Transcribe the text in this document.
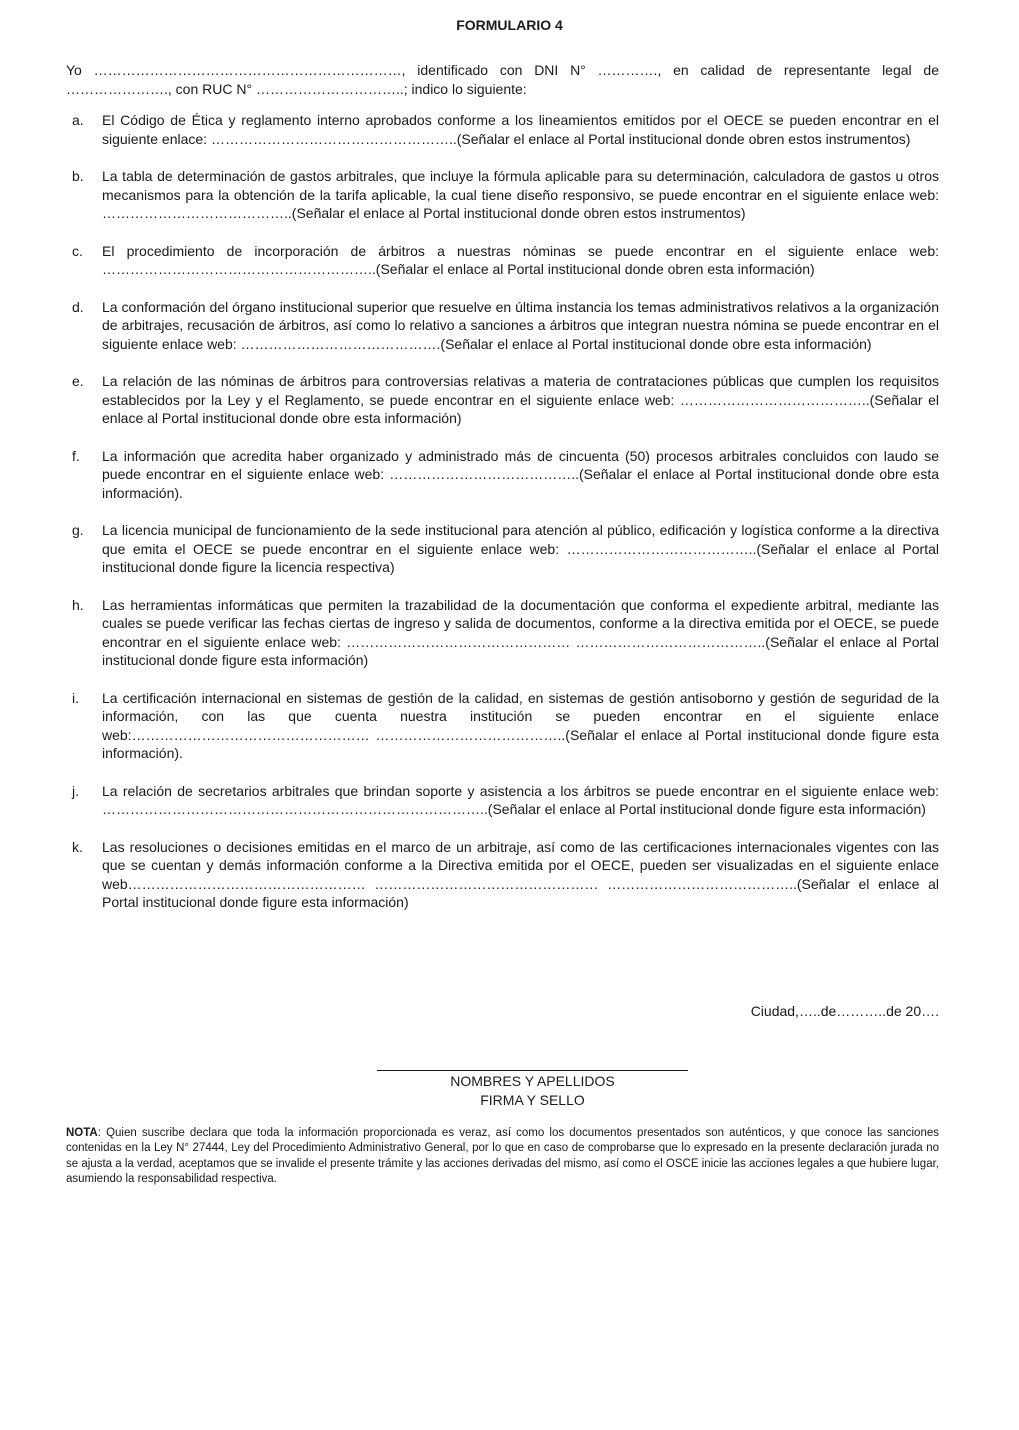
FORMULARIO 4

Yo …………………………………………………………, identificado con DNI N° …………., en calidad de representante legal de …………………., con RUC N° …………………………..; indico lo siguiente:

a.	El Código de Ética y reglamento interno aprobados conforme a los lineamientos emitidos por el OECE se pueden encontrar en el siguiente enlace: ……………………………………………..(Señalar el enlace al Portal institucional donde obren estos instrumentos)
b.	La tabla de determinación de gastos arbitrales, que incluye la fórmula aplicable para su determinación, calculadora de gastos u otros mecanismos para la obtención de la tarifa aplicable, la cual tiene diseño responsivo, se puede encontrar en el siguiente enlace web: …………………………………..(Señalar el enlace al Portal institucional donde obren estos instrumentos)
c.	El procedimiento de incorporación de árbitros a nuestras nóminas se puede encontrar en el siguiente enlace web: …………………………………………………..(Señalar el enlace al Portal institucional donde obren esta información)
d.	La conformación del órgano institucional superior que resuelve en última instancia los temas administrativos relativos a la organización de arbitrajes, recusación de árbitros, así como lo relativo a sanciones a árbitros que integran nuestra nómina se puede encontrar en el siguiente enlace web: …………………………………….(Señalar el enlace al Portal institucional donde obre esta información)
e.	La relación de las nóminas de árbitros para controversias relativas a materia de contrataciones públicas que cumplen los requisitos establecidos por la Ley y el Reglamento, se puede encontrar en el siguiente enlace web: …………………………………..(Señalar el enlace al Portal institucional donde obre esta información)
f.	La información que acredita haber organizado y administrado más de cincuenta (50) procesos arbitrales concluidos con laudo se puede encontrar en el siguiente enlace web: …………………………………..(Señalar el enlace al Portal institucional donde obre esta información).
g.	La licencia municipal de funcionamiento de la sede institucional para atención al público, edificación y logística conforme a la directiva que emita el OECE se puede encontrar en el siguiente enlace web: …………………………………..(Señalar el enlace al Portal institucional donde figure la licencia respectiva)
h.	Las herramientas informáticas que permiten la trazabilidad de la documentación que conforma el expediente arbitral, mediante las cuales se puede verificar las fechas ciertas de ingreso y salida de documentos, conforme a la directiva emitida por el OECE, se puede encontrar en el siguiente enlace web: ………………………………………… …………………………………..(Señalar el enlace al Portal institucional donde figure esta información)
i.	La certificación internacional en sistemas de gestión de la calidad, en sistemas de gestión antisoborno y gestión de seguridad de la información, con las que cuenta nuestra institución se pueden encontrar en el siguiente enlace web:…………………………………………… …………………………………..(Señalar el enlace al Portal institucional donde figure esta información).
j.	La relación de secretarios arbitrales que brindan soporte y asistencia a los árbitros se puede encontrar en el siguiente enlace web: ………………………………………………………………………..(Señalar el enlace al Portal institucional donde figure esta información)
k.	Las resoluciones o decisiones emitidas en el marco de un arbitraje, así como de las certificaciones internacionales vigentes con las que se cuentan y demás información conforme a la Directiva emitida por el OECE, pueden ser visualizadas en el siguiente enlace web…………………………………………… ………………………………………… …………………………………..(Señalar el enlace al Portal institucional donde figure esta información)
Ciudad,…..de………..de 20….
NOMBRES Y APELLIDOS
FIRMA Y SELLO

NOTA: Quien suscribe declara que toda la información proporcionada es veraz, así como los documentos presentados son auténticos, y que conoce las sanciones contenidas en la Ley N° 27444, Ley del Procedimiento Administrativo General, por lo que en caso de comprobarse que lo expresado en la presente declaración jurada no se ajusta a la verdad, aceptamos que se invalide el presente trámite y las acciones derivadas del mismo, así como el OSCE inicie las acciones legales a que hubiere lugar, asumiendo la responsabilidad respectiva.
